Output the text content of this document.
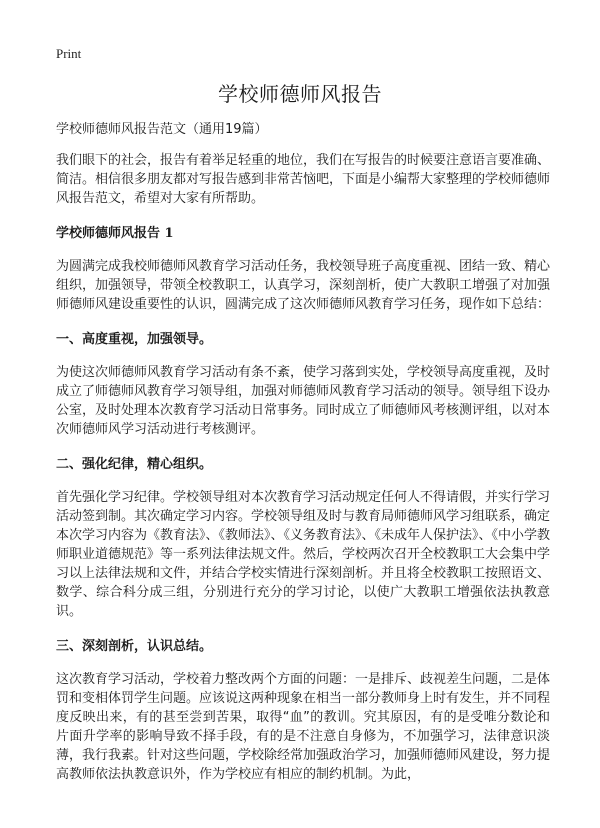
Print
学校师德师风报告

学校师德师风报告范文（通用19篇）

我们眼下的社会，报告有着举足轻重的地位，我们在写报告的时候要注意语言要准确、简洁。相信很多朋友都对写报告感到非常苦恼吧，下面是小编帮大家整理的学校师德师风报告范文，希望对大家有所帮助。

学校师德师风报告 1

为圆满完成我校师德师风教育学习活动任务，我校领导班子高度重视、团结一致、精心组织，加强领导，带领全校教职工，认真学习，深刻剖析，使广大教职工增强了对加强师德师风建设重要性的认识，圆满完成了这次师德师风教育学习任务，现作如下总结：

一、高度重视，加强领导。

为使这次师德师风教育学习活动有条不紊，使学习落到实处，学校领导高度重视，及时成立了师德师风教育学习领导组，加强对师德师风教育学习活动的领导。领导组下设办公室，及时处理本次教育学习活动日常事务。同时成立了师德师风考核测评组，以对本次师德师风学习活动进行考核测评。

二、强化纪律，精心组织。

首先强化学习纪律。学校领导组对本次教育学习活动规定任何人不得请假，并实行学习活动签到制。其次确定学习内容。学校领导组及时与教育局师德师风学习组联系，确定本次学习内容为《教育法》、《教师法》、《义务教育法》、《未成年人保护法》、《中小学教师职业道德规范》等一系列法律法规文件。然后，学校两次召开全校教职工大会集中学习以上法律法规和文件，并结合学校实情进行深刻剖析。并且将全校教职工按照语文、数学、综合科分成三组，分别进行充分的学习讨论，以使广大教职工增强依法执教意识。

三、深刻剖析，认识总结。

这次教育学习活动，学校着力整改两个方面的问题：一是排斥、歧视差生问题，二是体罚和变相体罚学生问题。应该说这两种现象在相当一部分教师身上时有发生，并不同程度反映出来，有的甚至尝到苦果，取得“血”的教训。究其原因，有的是受唯分数论和片面升学率的影响导致不择手段，有的是不注意自身修为，不加强学习，法律意识淡薄，我行我素。针对这些问题，学校除经常加强政治学习，加强师德师风建设，努力提高教师依法执教意识外，作为学校应有相应的制约机制。为此，
